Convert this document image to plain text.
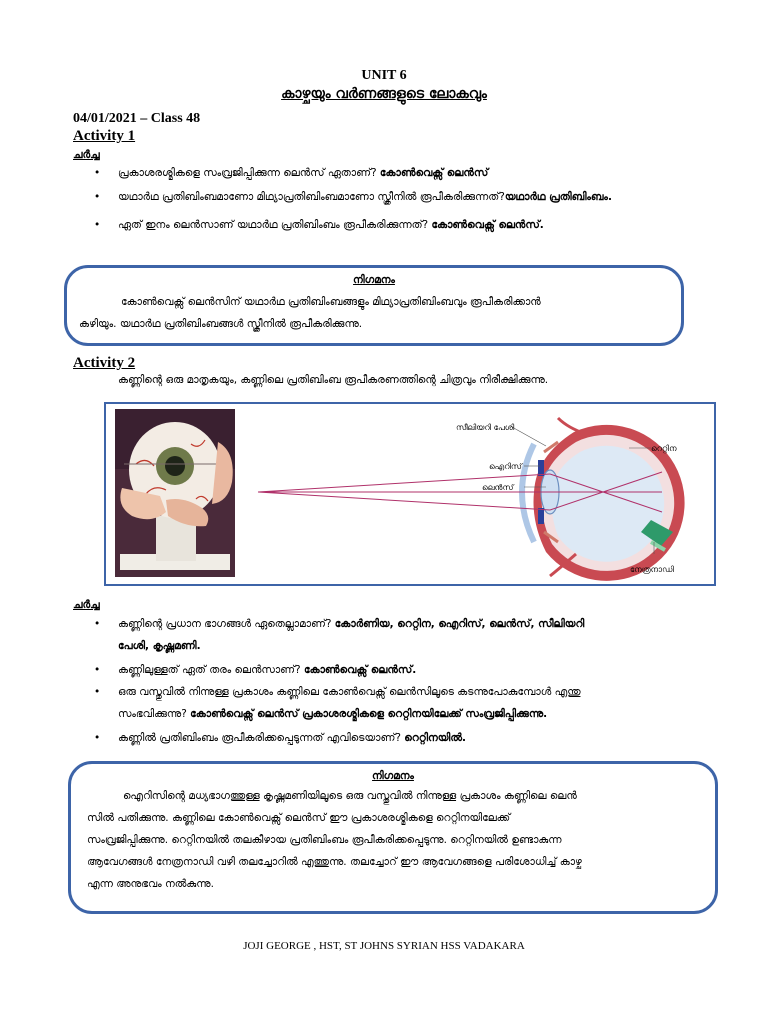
UNIT 6
കാഴ്ചയും വർണങ്ങളുടെ ലോകവും
04/01/2021 – Class 48
Activity 1
ചർച്ച
• പ്രകാശരശ്മികളെ സംവ്രജിപ്പിക്കുന്ന ലെൻസ് ഏതാണ്? കോൺവെക്സ് ലെൻസ്
• യഥാർഥ പ്രതിബിംബമാണോ മിഥ്യാപ്രതിബിംബമാണോ സ്ക്രീനിൽ രൂപീകരിക്കുന്നത്?യഥാർഥ പ്രതിബിംബം.
• ഏത് ഇനം ലെൻസാണ് യഥാർഥ പ്രതിബിംബം രൂപീകരിക്കുന്നത്? കോൺവെക്സ് ലെൻസ്.
നിഗമനം
കോൺവെക്സ് ലെൻസിന് യഥാർഥ പ്രതിബിംബങ്ങളും മിഥ്യാപ്രതിബിംബവും രൂപീകരിക്കാൻ
കഴിയും. യഥാർഥ പ്രതിബിംബങ്ങൾ സ്ക്രീനിൽ രൂപീകരിക്കുന്നു.
Activity 2
കണ്ണിന്റെ ഒരു മാതൃകയും, കണ്ണിലെ പ്രതിബിംബ രൂപീകരണത്തിന്റെ ചിത്രവും നിരീക്ഷിക്കുന്നു.
സീലിയറി പേശി
റെറ്റിന
ഐറിസ്
ലെൻസ്
നേത്രനാഡി
ചർച്ച
• കണ്ണിന്റെ പ്രധാന ഭാഗങ്ങൾ ഏതെല്ലാമാണ്? കോർണിയ, റെറ്റിന, ഐറിസ്, ലെൻസ്, സീലിയറി
പേശി, കൃഷ്ണമണി.
• കണ്ണിലുള്ളത് ഏത് തരം ലെൻസാണ്? കോൺവെക്സ് ലെൻസ്.
• ഒരു വസ്തുവിൽ നിന്നുള്ള പ്രകാശം കണ്ണിലെ കോൺവെക്സ് ലെൻസിലൂടെ കടന്നുപോകുമ്പോൾ എന്തു
സംഭവിക്കുന്നു? കോൺവെക്സ് ലെൻസ് പ്രകാശരശ്മികളെ റെറ്റിനയിലേക്ക് സംവ്രജിപ്പിക്കുന്നു.
• കണ്ണിൽ പ്രതിബിംബം രൂപീകരിക്കപ്പെടുന്നത് എവിടെയാണ്? റെറ്റിനയിൽ.
നിഗമനം
ഐറിസിന്റെ മധ്യഭാഗത്തുള്ള കൃഷ്ണമണിയിലൂടെ ഒരു വസ്തുവിൽ നിന്നുള്ള പ്രകാശം കണ്ണിലെ ലെൻ
സിൽ പതിക്കുന്നു. കണ്ണിലെ കോൺവെക്സ് ലെൻസ് ഈ പ്രകാശരശ്മികളെ റെറ്റിനയിലേക്ക്
സംവ്രജിപ്പിക്കുന്നു. റെറ്റിനയിൽ തലകീഴായ പ്രതിബിംബം രൂപീകരിക്കപ്പെടുന്നു. റെറ്റിനയിൽ ഉണ്ടാകുന്ന
ആവേഗങ്ങൾ നേത്രനാഡി വഴി തലച്ചോറിൽ എത്തുന്നു. തലച്ചോറ് ഈ ആവേഗങ്ങളെ പരിശോധിച്ച് കാഴ്ച
എന്ന അനുഭവം നൽകുന്നു.
JOJI GEORGE , HST, ST JOHNS SYRIAN HSS VADAKARA
